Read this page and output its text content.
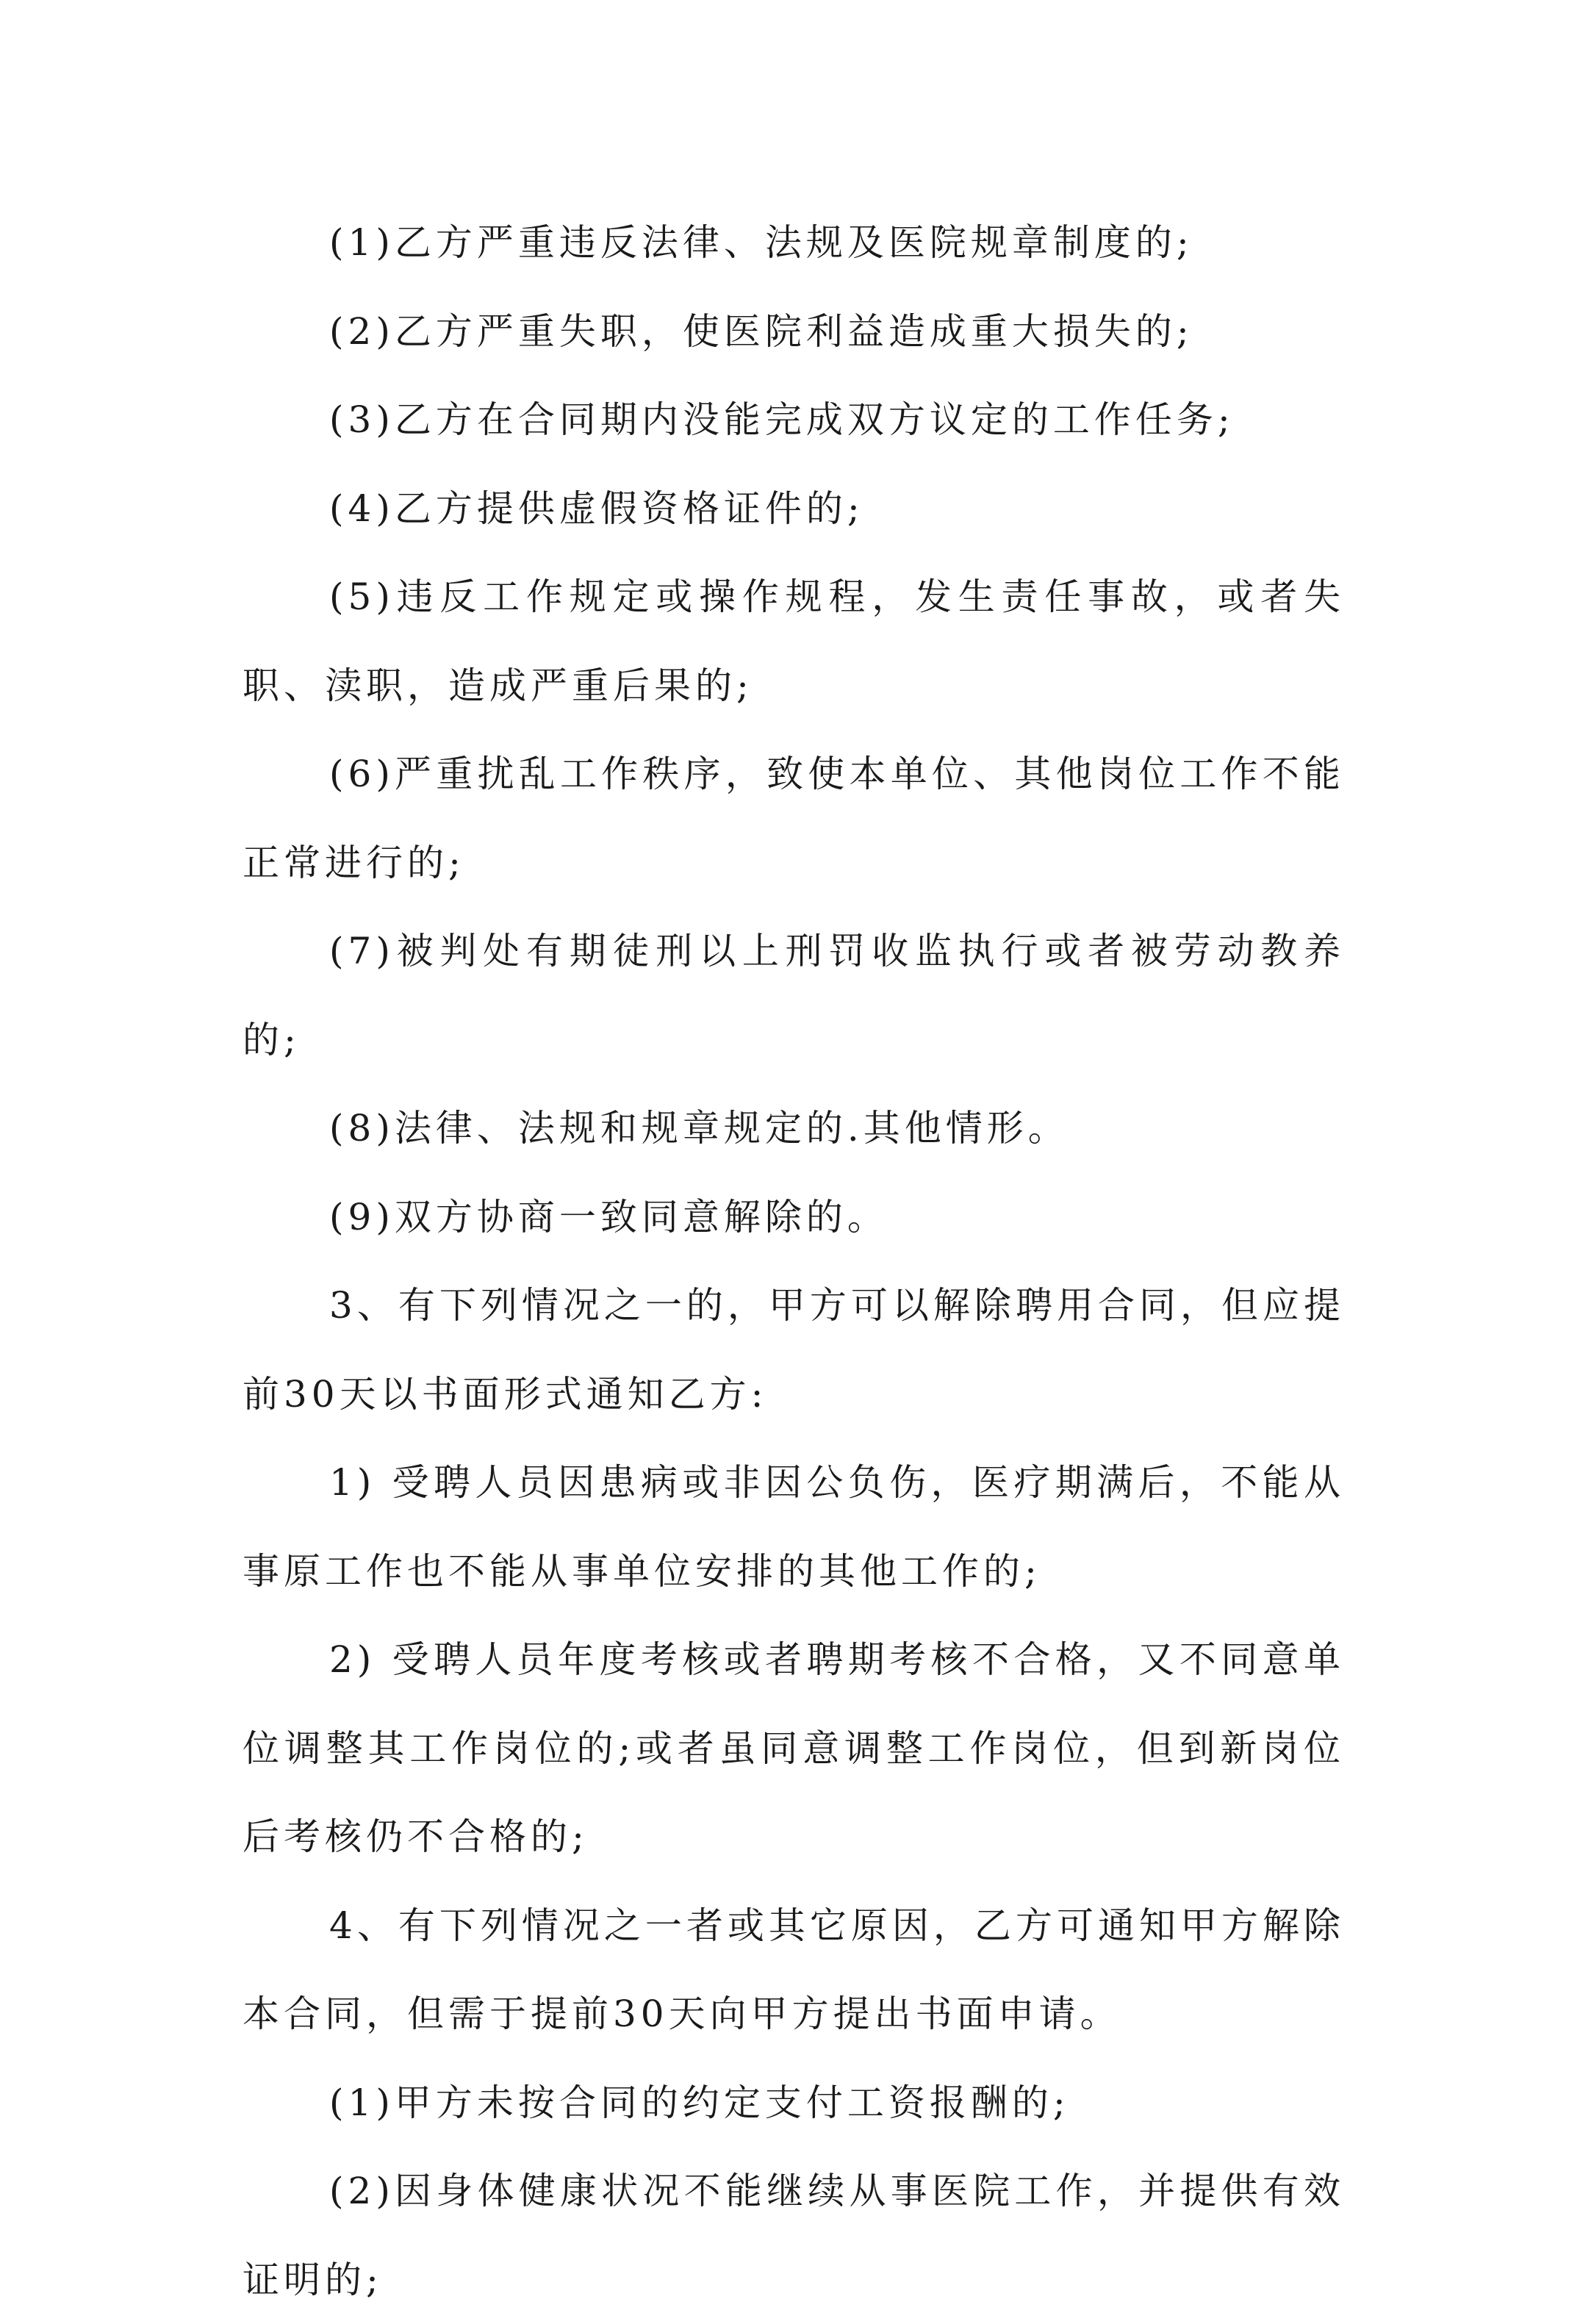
(1)乙方严重违反法律、法规及医院规章制度的;

(2)乙方严重失职，使医院利益造成重大损失的;

(3)乙方在合同期内没能完成双方议定的工作任务;

(4)乙方提供虚假资格证件的;

(5)违反工作规定或操作规程，发生责任事故，或者失职、渎职，造成严重后果的;

(6)严重扰乱工作秩序，致使本单位、其他岗位工作不能正常进行的;

(7)被判处有期徒刑以上刑罚收监执行或者被劳动教养的;

(8)法律、法规和规章规定的.其他情形。

(9)双方协商一致同意解除的。

3、有下列情况之一的，甲方可以解除聘用合同，但应提前30天以书面形式通知乙方:

1) 受聘人员因患病或非因公负伤，医疗期满后，不能从事原工作也不能从事单位安排的其他工作的;

2) 受聘人员年度考核或者聘期考核不合格，又不同意单位调整其工作岗位的;或者虽同意调整工作岗位，但到新岗位后考核仍不合格的;

4、有下列情况之一者或其它原因，乙方可通知甲方解除本合同，但需于提前30天向甲方提出书面申请。

(1)甲方未按合同的约定支付工资报酬的;

(2)因身体健康状况不能继续从事医院工作，并提供有效证明的;
